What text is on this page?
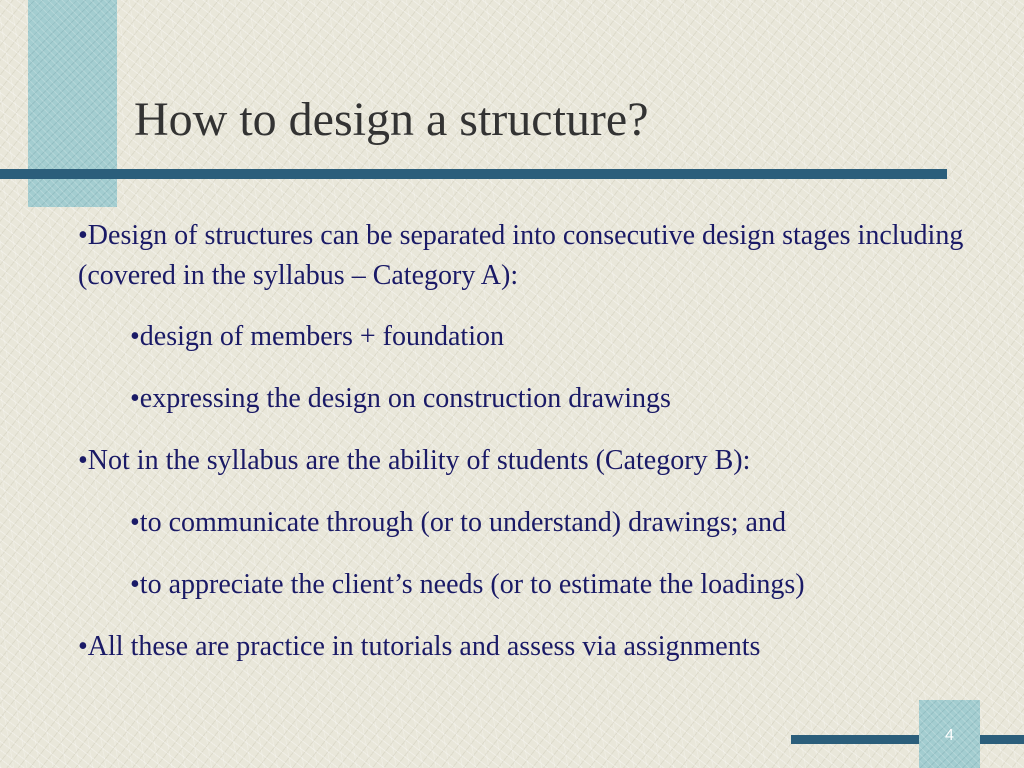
How to design a structure?

•Design of structures can be separated into consecutive design stages including (covered in the syllabus – Category A):

•design of members + foundation

•expressing the design on construction drawings

•Not in the syllabus are the ability of students (Category B):

•to communicate through (or to understand) drawings; and

•to appreciate the client’s needs (or to estimate the loadings)

•All these are practice in tutorials and assess via assignments

4
